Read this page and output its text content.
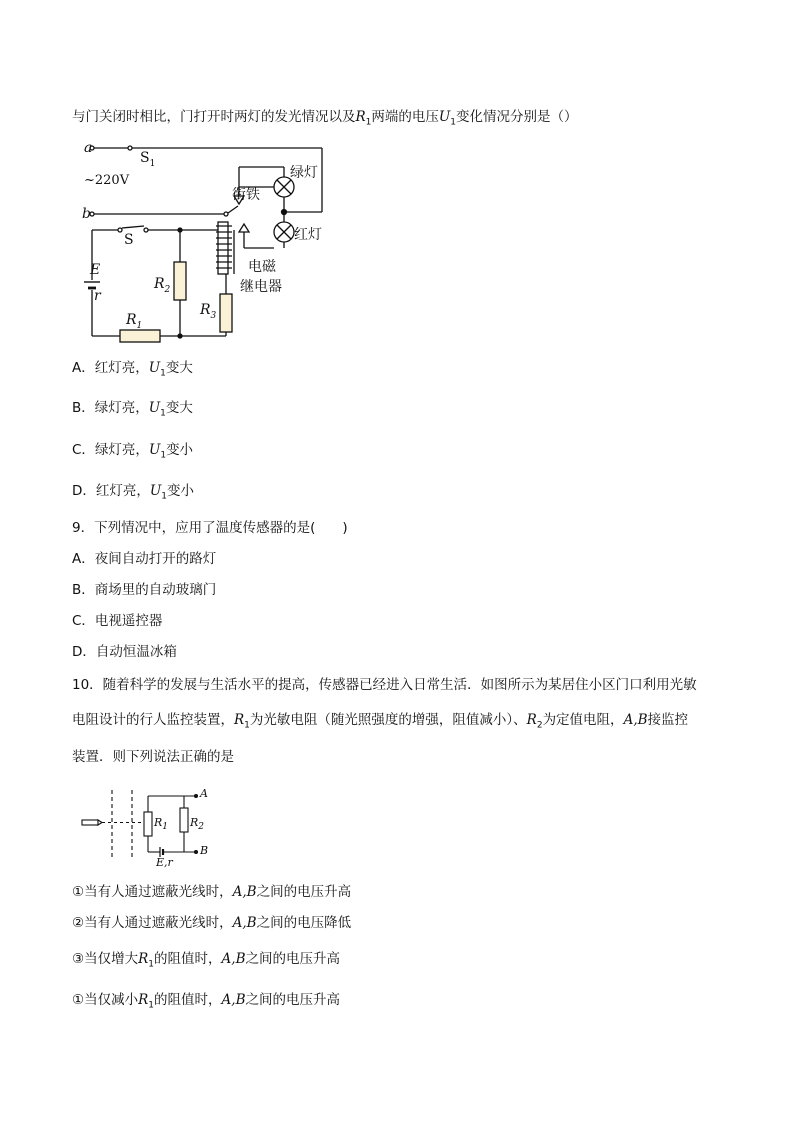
与门关闭时相比，门打开时两灯的发光情况以及$R_1$两端的电压$U_1$变化情况分别是（）
a
$S_1$
~220V
衔铁
绿灯
红灯
b
S
E
r
$R_2$
$R_3$
$R_1$
电磁
继电器
A．红灯亮，$U_1$变大
B．绿灯亮，$U_1$变大
C．绿灯亮，$U_1$变小
D．红灯亮，$U_1$变小
9．下列情况中，应用了温度传感器的是(　　)
A．夜间自动打开的路灯
B．商场里的自动玻璃门
C．电视遥控器
D．自动恒温冰箱
10．随着科学的发展与生活水平的提高，传感器已经进入日常生活．如图所示为某居住小区门口利用光敏
电阻设计的行人监控装置，$R_1$为光敏电阻（随光照强度的增强，阻值减小）、$R_2$为定值电阻，A,B接监控
装置．则下列说法正确的是
A
B
$R_1$ $R_2$
E,r
①当有人通过遮蔽光线时，A,B之间的电压升高
②当有人通过遮蔽光线时，A,B之间的电压降低
③当仅增大$R_1$的阻值时，A,B之间的电压升高
①当仅减小$R_1$的阻值时，A,B之间的电压升高
